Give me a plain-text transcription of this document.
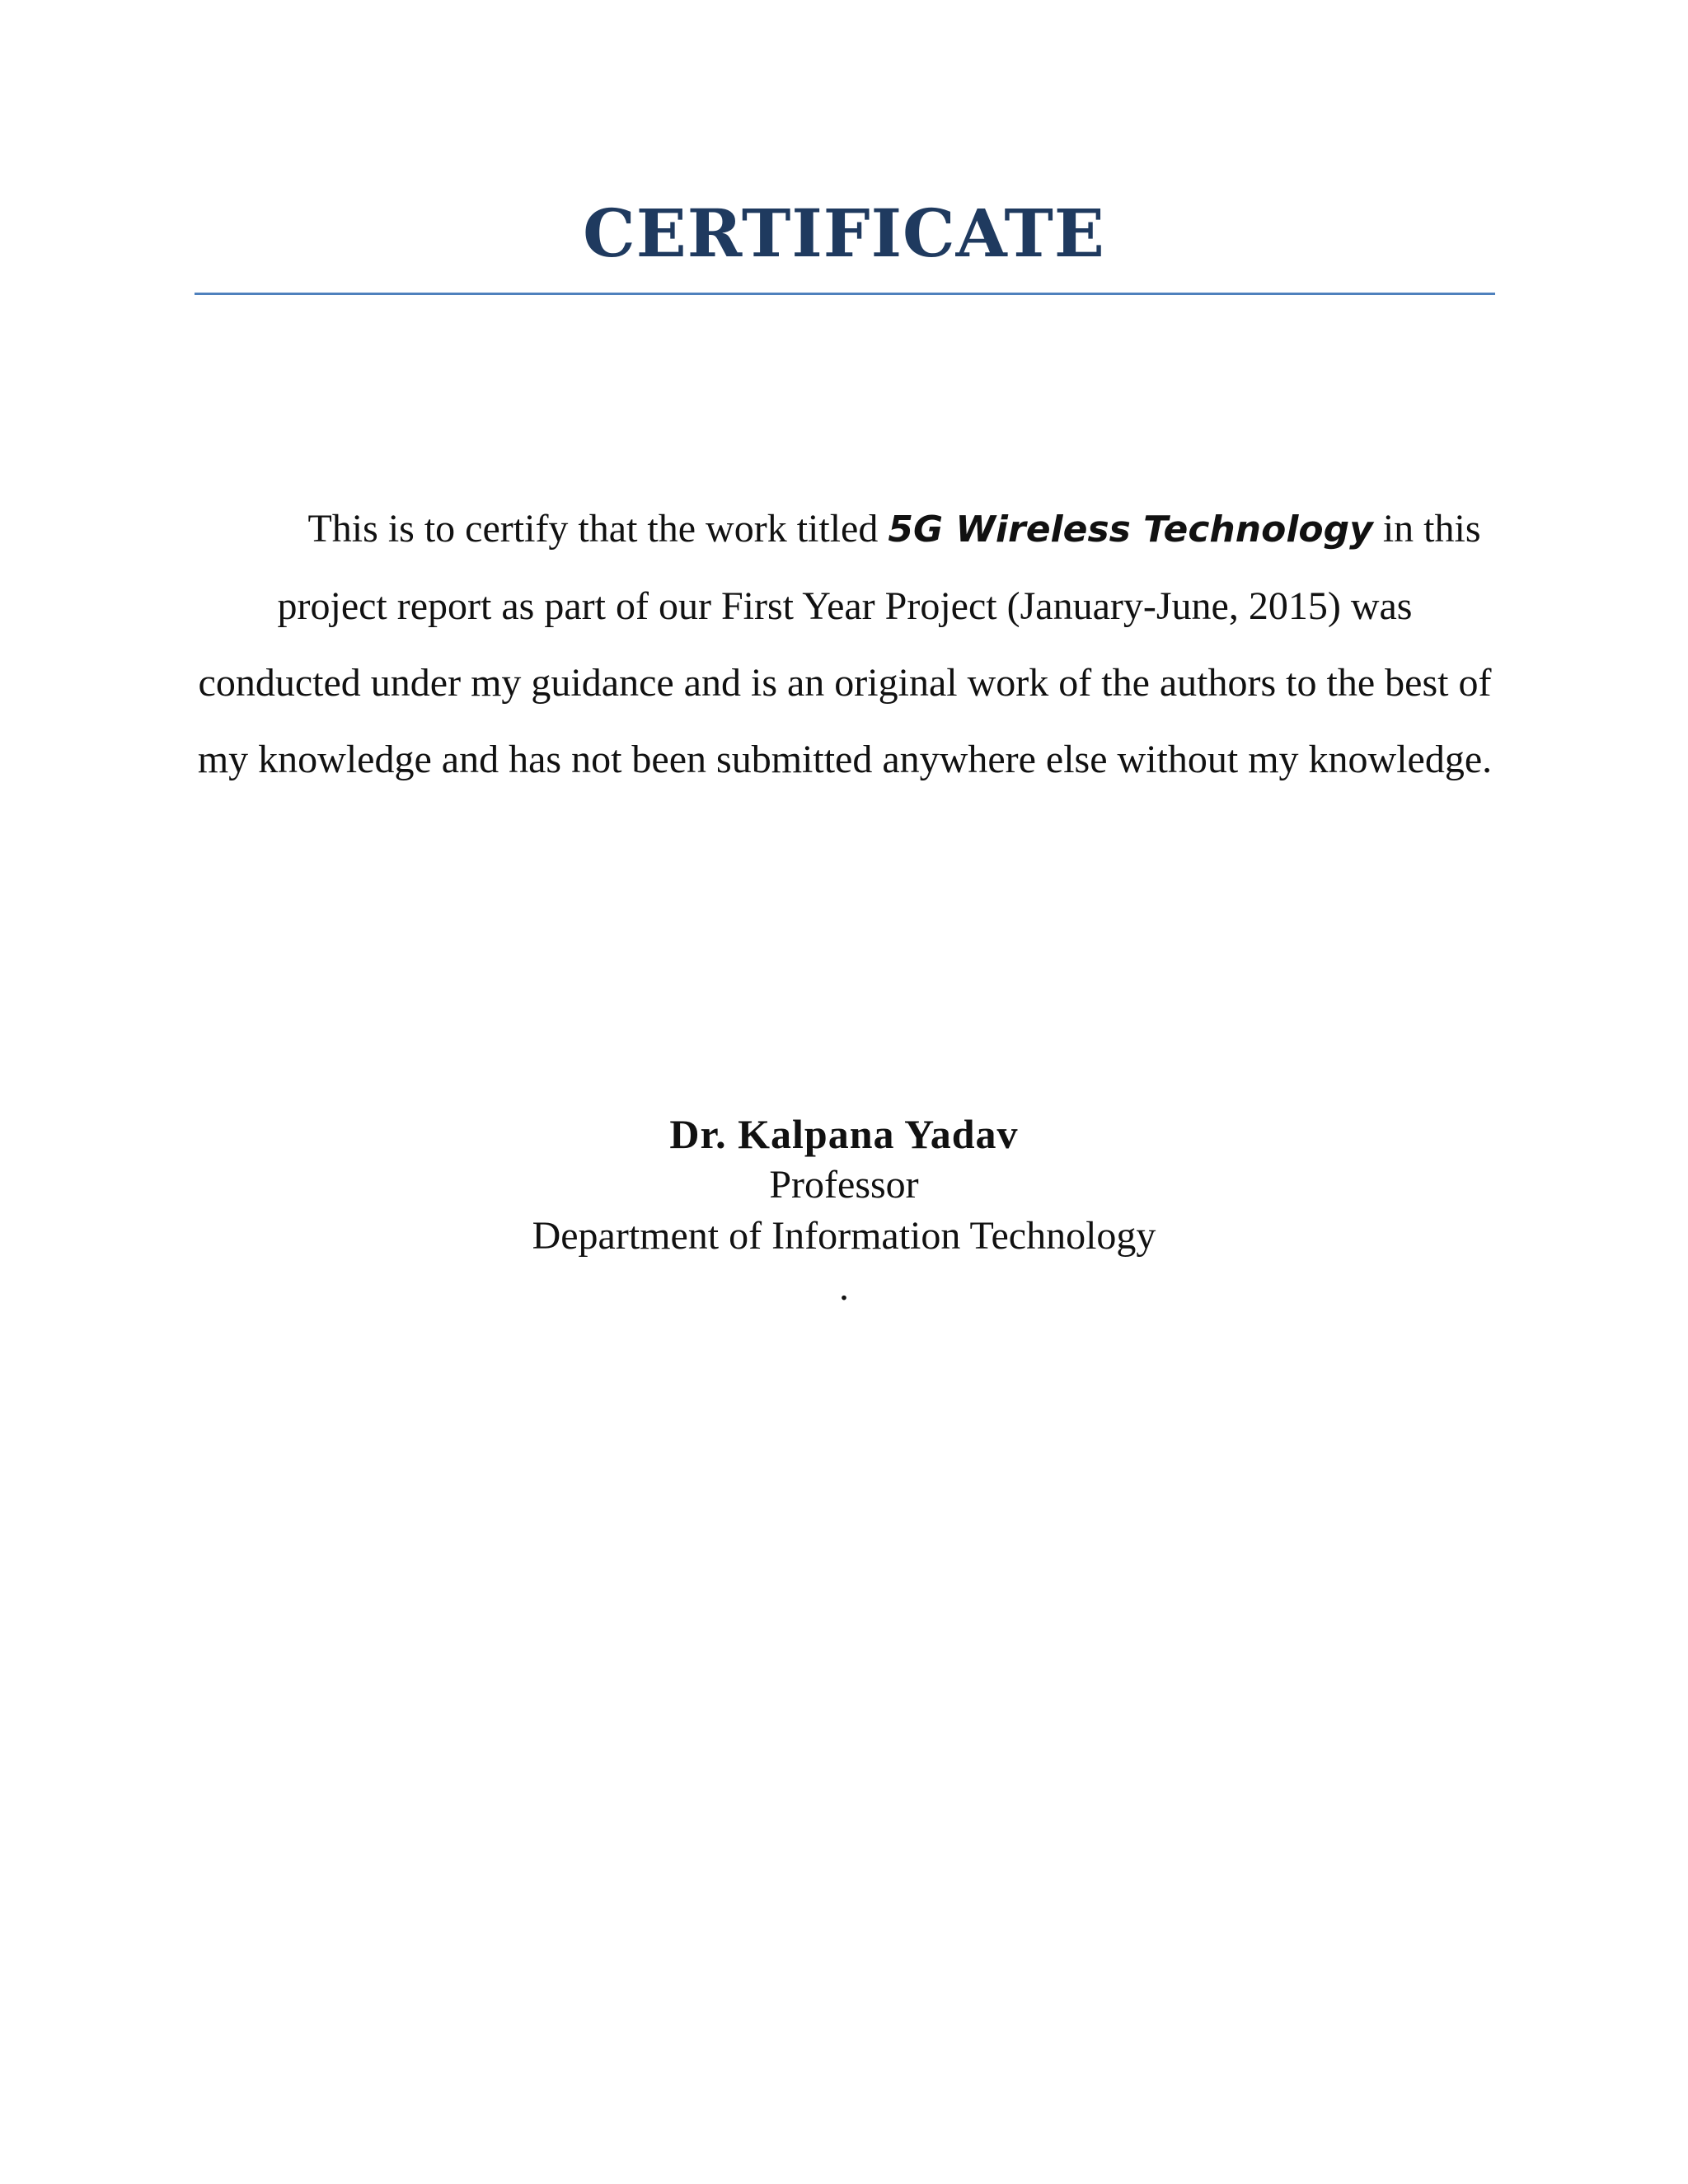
CERTIFICATE

This is to certify that the work titled 5G Wireless Technology in this project report as part of our First Year Project (January-June, 2015) was conducted under my guidance and is an original work of the authors to the best of my knowledge and has not been submitted anywhere else without my knowledge.

Dr. Kalpana Yadav
Professor
Department of Information Technology
.
